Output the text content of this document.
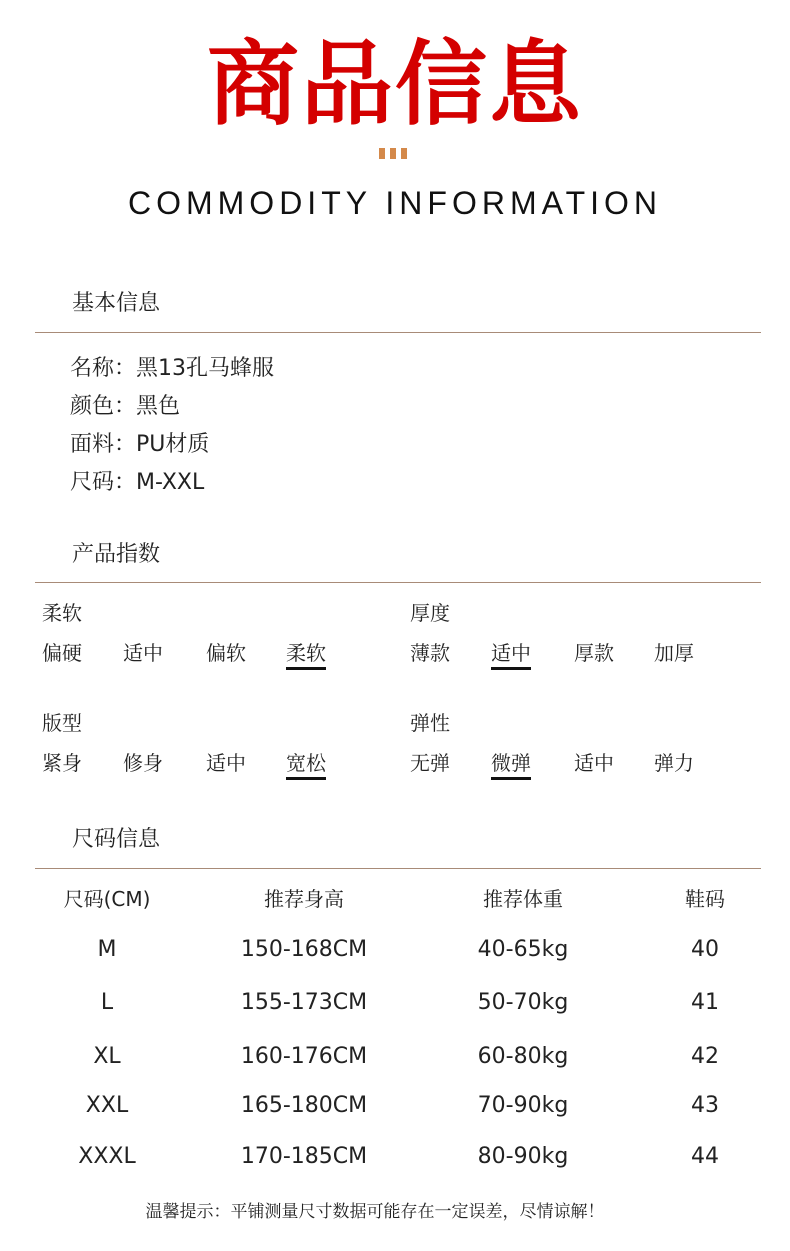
商品信息
COMMODITY INFORMATION
基本信息
名称：黑13孔马蜂服
颜色：黑色
面料：PU材质
尺码：M-XXL
产品指数
柔软
偏硬 适中 偏软 柔软
厚度
薄款 适中 厚款 加厚
版型
紧身 修身 适中 宽松
弹性
无弹 微弹 适中 弹力
尺码信息
尺码(CM)	推荐身高	推荐体重	鞋码
M	150-168CM	40-65kg	40
L	155-173CM	50-70kg	41
XL	160-176CM	60-80kg	42
XXL	165-180CM	70-90kg	43
XXXL	170-185CM	80-90kg	44
温馨提示：平铺测量尺寸数据可能存在一定误差，尽情谅解！
